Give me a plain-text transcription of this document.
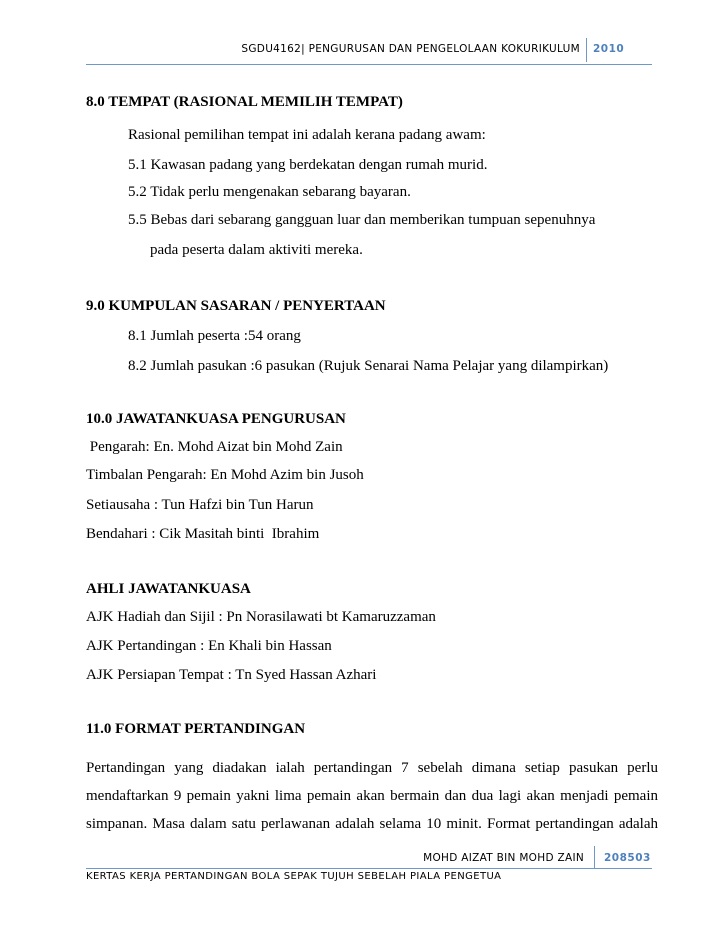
SGDU4162| PENGURUSAN DAN PENGELOLAAN KOKURIKULUM 2010
8.0 TEMPAT (RASIONAL MEMILIH TEMPAT)
Rasional pemilihan tempat ini adalah kerana padang awam:
5.1 Kawasan padang yang berdekatan dengan rumah murid.
5.2 Tidak perlu mengenakan sebarang bayaran.
5.5 Bebas dari sebarang gangguan luar dan memberikan tumpuan sepenuhnya
pada peserta dalam aktiviti mereka.
9.0 KUMPULAN SASARAN / PENYERTAAN
8.1 Jumlah peserta :54 orang
8.2 Jumlah pasukan :6 pasukan (Rujuk Senarai Nama Pelajar yang dilampirkan)
10.0 JAWATANKUASA PENGURUSAN
Pengarah: En. Mohd Aizat bin Mohd Zain
Timbalan Pengarah: En Mohd Azim bin Jusoh
Setiausaha : Tun Hafzi bin Tun Harun
Bendahari : Cik Masitah binti  Ibrahim
AHLI JAWATANKUASA
AJK Hadiah dan Sijil : Pn Norasilawati bt Kamaruzzaman
AJK Pertandingan : En Khali bin Hassan
AJK Persiapan Tempat : Tn Syed Hassan Azhari
11.0 FORMAT PERTANDINGAN
Pertandingan yang diadakan ialah pertandingan 7 sebelah dimana setiap pasukan perlu
mendaftarkan 9 pemain yakni lima pemain akan bermain dan dua lagi akan menjadi pemain
simpanan. Masa dalam satu perlawanan adalah selama 10 minit. Format pertandingan adalah
MOHD AIZAT BIN MOHD ZAIN 208503
KERTAS KERJA PERTANDINGAN BOLA SEPAK TUJUH SEBELAH PIALA PENGETUA
